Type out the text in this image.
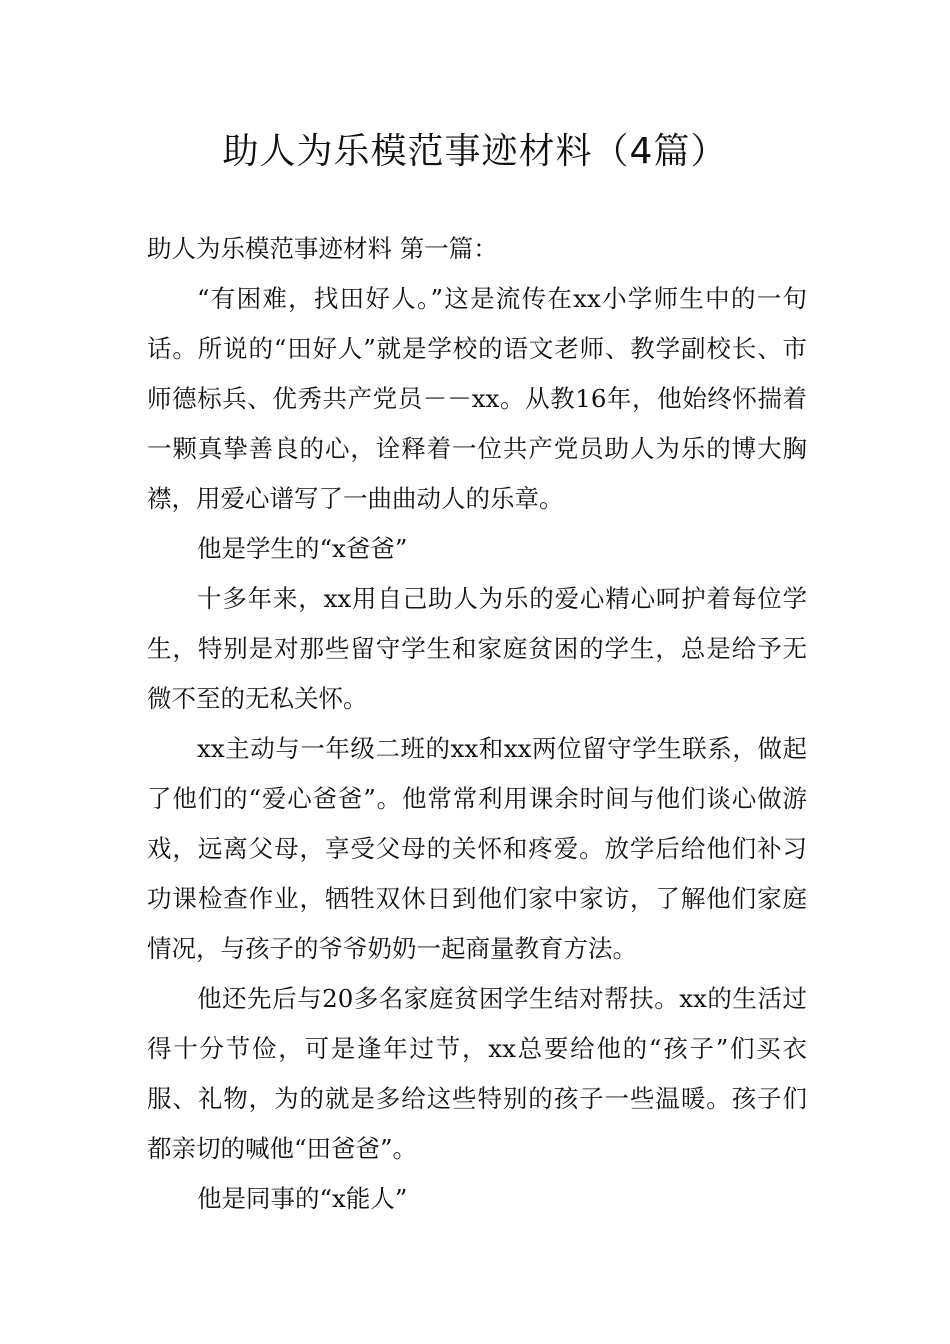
助人为乐模范事迹材料（4篇）

助人为乐模范事迹材料 第一篇：

“有困难，找田好人。”这是流传在xx小学师生中的一句话。所说的“田好人”就是学校的语文老师、教学副校长、市师德标兵、优秀共产党员－－xx。从教16年，他始终怀揣着一颗真挚善良的心，诠释着一位共产党员助人为乐的博大胸襟，用爱心谱写了一曲曲动人的乐章。

他是学生的“x爸爸”

十多年来，xx用自己助人为乐的爱心精心呵护着每位学生，特别是对那些留守学生和家庭贫困的学生，总是给予无微不至的无私关怀。

xx主动与一年级二班的xx和xx两位留守学生联系，做起了他们的“爱心爸爸”。他常常利用课余时间与他们谈心做游戏，远离父母，享受父母的关怀和疼爱。放学后给他们补习功课检查作业，牺牲双休日到他们家中家访，了解他们家庭情况，与孩子的爷爷奶奶一起商量教育方法。

他还先后与20多名家庭贫困学生结对帮扶。xx的生活过得十分节俭，可是逢年过节，xx总要给他的“孩子”们买衣服、礼物，为的就是多给这些特别的孩子一些温暖。孩子们都亲切的喊他“田爸爸”。

他是同事的“x能人”
